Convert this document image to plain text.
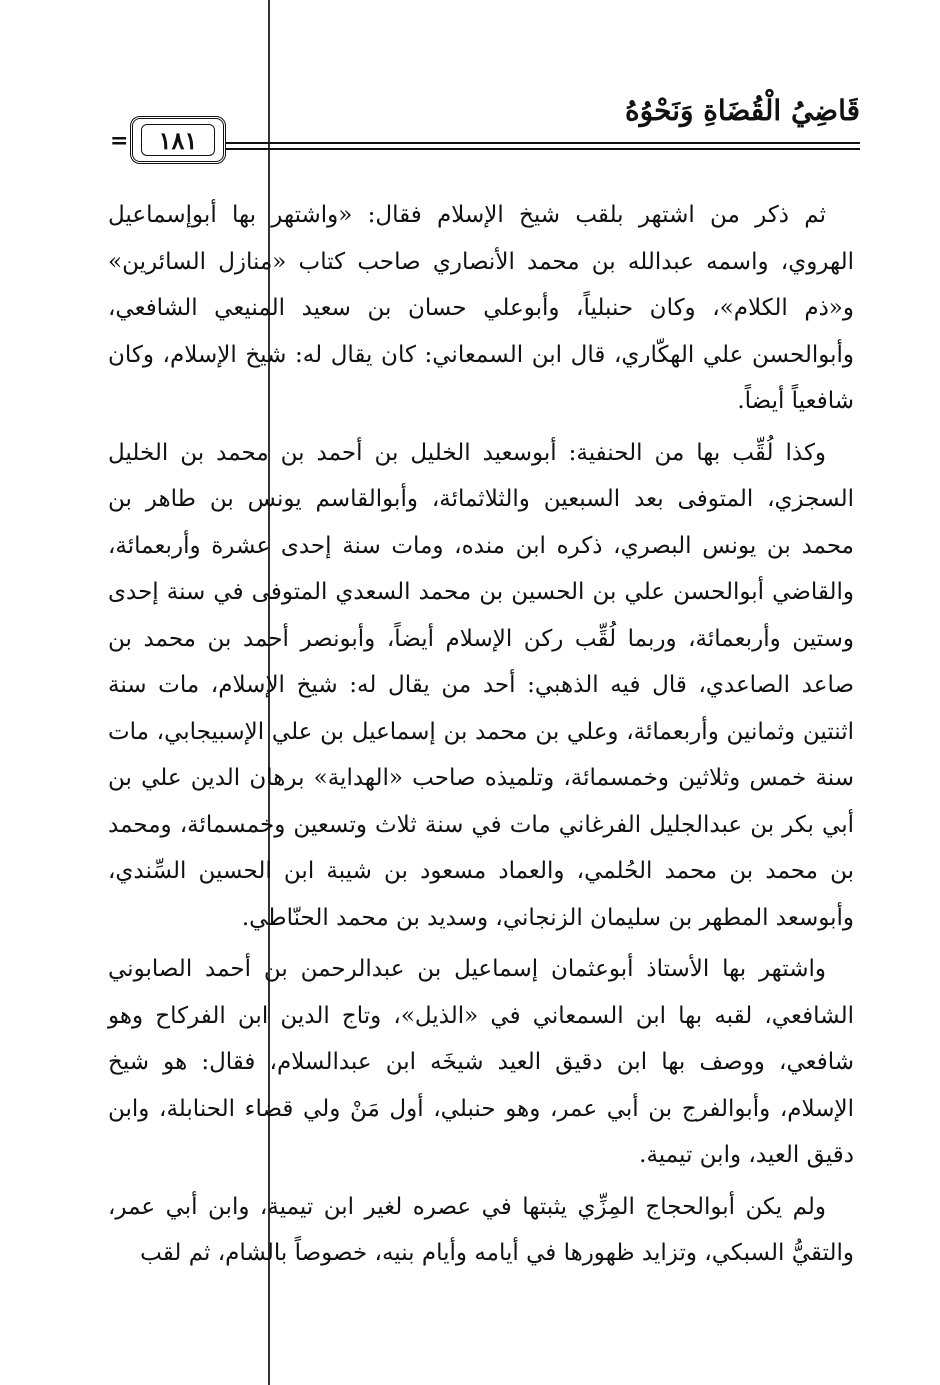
قَاضِيُ الْقُضَاةِ وَنَحْوُهُ
١٨١
=

ثم ذكر من اشتهر بلقب شيخ الإسلام فقال: «واشتهر بها أبوإسماعيل الهروي، واسمه عبدالله بن محمد الأنصاري صاحب كتاب «منازل السائرين» و«ذم الكلام»، وكان حنبلياً، وأبوعلي حسان بن سعيد المنيعي الشافعي، وأبوالحسن علي الهكّاري، قال ابن السمعاني: كان يقال له: شيخ الإسلام، وكان شافعياً أيضاً.

وكذا لُقِّب بها من الحنفية: أبوسعيد الخليل بن أحمد بن محمد بن الخليل السجزي، المتوفى بعد السبعين والثلاثمائة، وأبوالقاسم يونس بن طاهر بن محمد بن يونس البصري، ذكره ابن منده، ومات سنة إحدى عشرة وأربعمائة، والقاضي أبوالحسن علي بن الحسين بن محمد السعدي المتوفى في سنة إحدى وستين وأربعمائة، وربما لُقِّب ركن الإسلام أيضاً، وأبونصر أحمد بن محمد بن صاعد الصاعدي، قال فيه الذهبي: أحد من يقال له: شيخ الإسلام، مات سنة اثنتين وثمانين وأربعمائة، وعلي بن محمد بن إسماعيل بن علي الإسبيجابي، مات سنة خمس وثلاثين وخمسمائة، وتلميذه صاحب «الهداية» برهان الدين علي بن أبي بكر بن عبدالجليل الفرغاني مات في سنة ثلاث وتسعين وخمسمائة، ومحمد بن محمد بن محمد الحُلمي، والعماد مسعود بن شيبة ابن الحسين السِّندي، وأبوسعد المطهر بن سليمان الزنجاني، وسديد بن محمد الحنّاطي.

واشتهر بها الأستاذ أبوعثمان إسماعيل بن عبدالرحمن بن أحمد الصابوني الشافعي، لقبه بها ابن السمعاني في «الذيل»، وتاج الدين ابن الفركاح وهو شافعي، ووصف بها ابن دقيق العيد شيخَه ابن عبدالسلام، فقال: هو شيخ الإسلام، وأبوالفرج بن أبي عمر، وهو حنبلي، أول مَنْ ولي قضاء الحنابلة، وابن دقيق العيد، وابن تيمية.

ولم يكن أبوالحجاج المِزِّي يثبتها في عصره لغير ابن تيمية، وابن أبي عمر، والتقيُّ السبكي، وتزايد ظهورها في أيامه وأيام بنيه، خصوصاً بالشام، ثم لقب
